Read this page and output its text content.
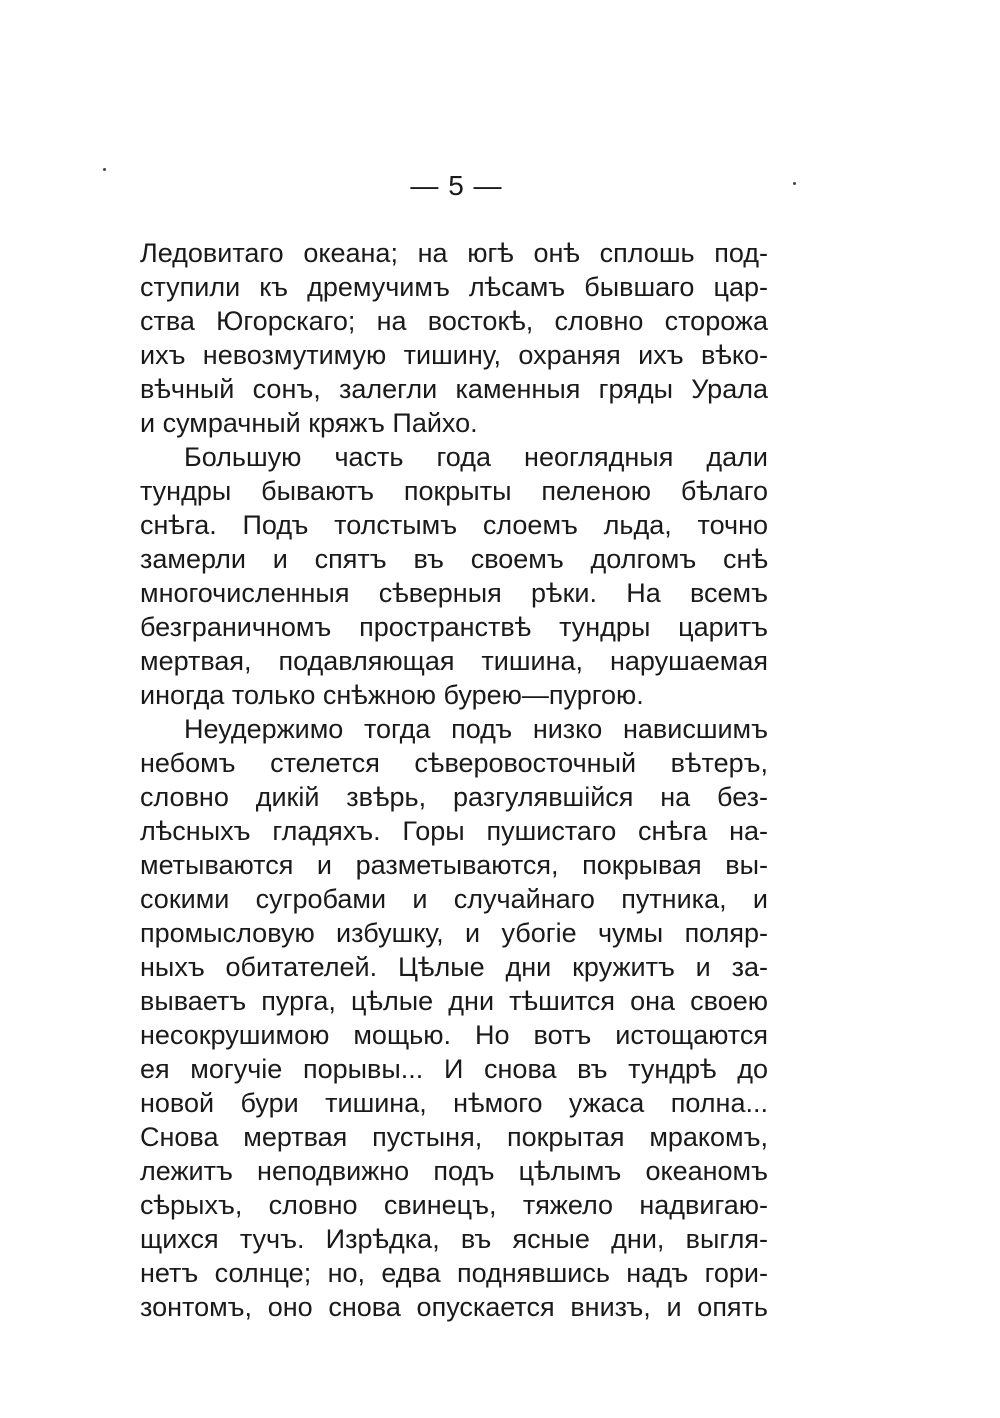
— 5 —
Ледовитаго океана; на югѣ онѣ сплошь под-
ступили къ дремучимъ лѣсамъ бывшаго цар-
ства Югорскаго; на востокѣ, словно сторожа
ихъ невозмутимую тишину, охраняя ихъ вѣко-
вѣчный сонъ, залегли каменныя гряды Урала
и сумрачный кряжъ Пайхо.
Большую часть года неоглядныя дали
тундры бываютъ покрыты пеленою бѣлаго
снѣга. Подъ толстымъ слоемъ льда, точно
замерли и спятъ въ своемъ долгомъ снѣ
многочисленныя сѣверныя рѣки. На всемъ
безграничномъ пространствѣ тундры царитъ
мертвая, подавляющая тишина, нарушаемая
иногда только снѣжною бурею—пургою.
Неудержимо тогда подъ низко нависшимъ
небомъ стелется сѣверовосточный вѣтеръ,
словно дикій звѣрь, разгулявшійся на без-
лѣсныхъ гладяхъ. Горы пушистаго снѣга на-
метываются и разметываются, покрывая вы-
сокими сугробами и случайнаго путника, и
промысловую избушку, и убогіе чумы поляр-
ныхъ обитателей. Цѣлые дни кружитъ и за-
вываетъ пурга, цѣлые дни тѣшится она своею
несокрушимою мощью. Но вотъ истощаются
ея могучіе порывы... И снова въ тундрѣ до
новой бури тишина, нѣмого ужаса полна...
Снова мертвая пустыня, покрытая мракомъ,
лежитъ неподвижно подъ цѣлымъ океаномъ
сѣрыхъ, словно свинецъ, тяжело надвигаю-
щихся тучъ. Изрѣдка, въ ясные дни, выгля-
нетъ солнце; но, едва поднявшись надъ гори-
зонтомъ, оно снова опускается внизъ, и опять
